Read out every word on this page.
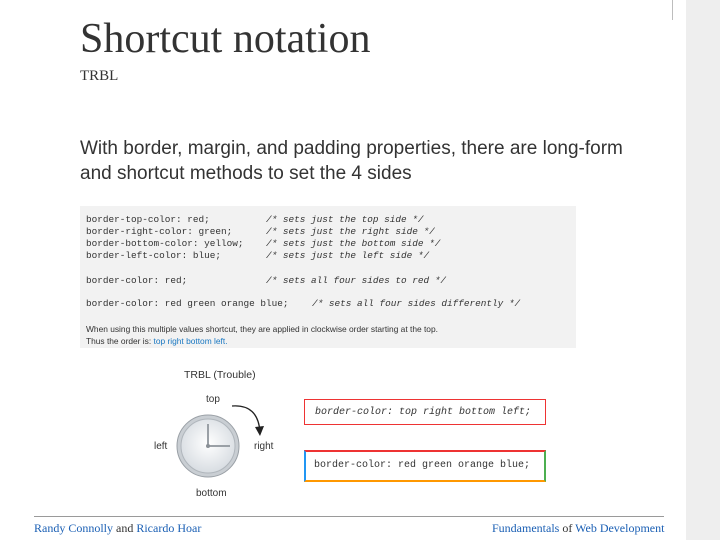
Shortcut notation
TRBL
With border, margin, and padding properties, there are long-form and shortcut methods to set the 4 sides
border-top-color: red;	/* sets just the top side */
border-right-color: green;	/* sets just the right side */
border-bottom-color: yellow; /* sets just the bottom side */
border-left-color: blue;	/* sets just the left side */
border-color: red;	/* sets all four sides to red */
border-color: red green orange blue; /* sets all four sides differently */
When using this multiple values shortcut, they are applied in clockwise order starting at the top.
Thus the order is: top right bottom left.
TRBL (Trouble)
top
right
bottom
left
border-color: top right bottom left;
border-color: red green orange blue;
Randy Connolly and Ricardo Hoar	Fundamentals of Web Development
